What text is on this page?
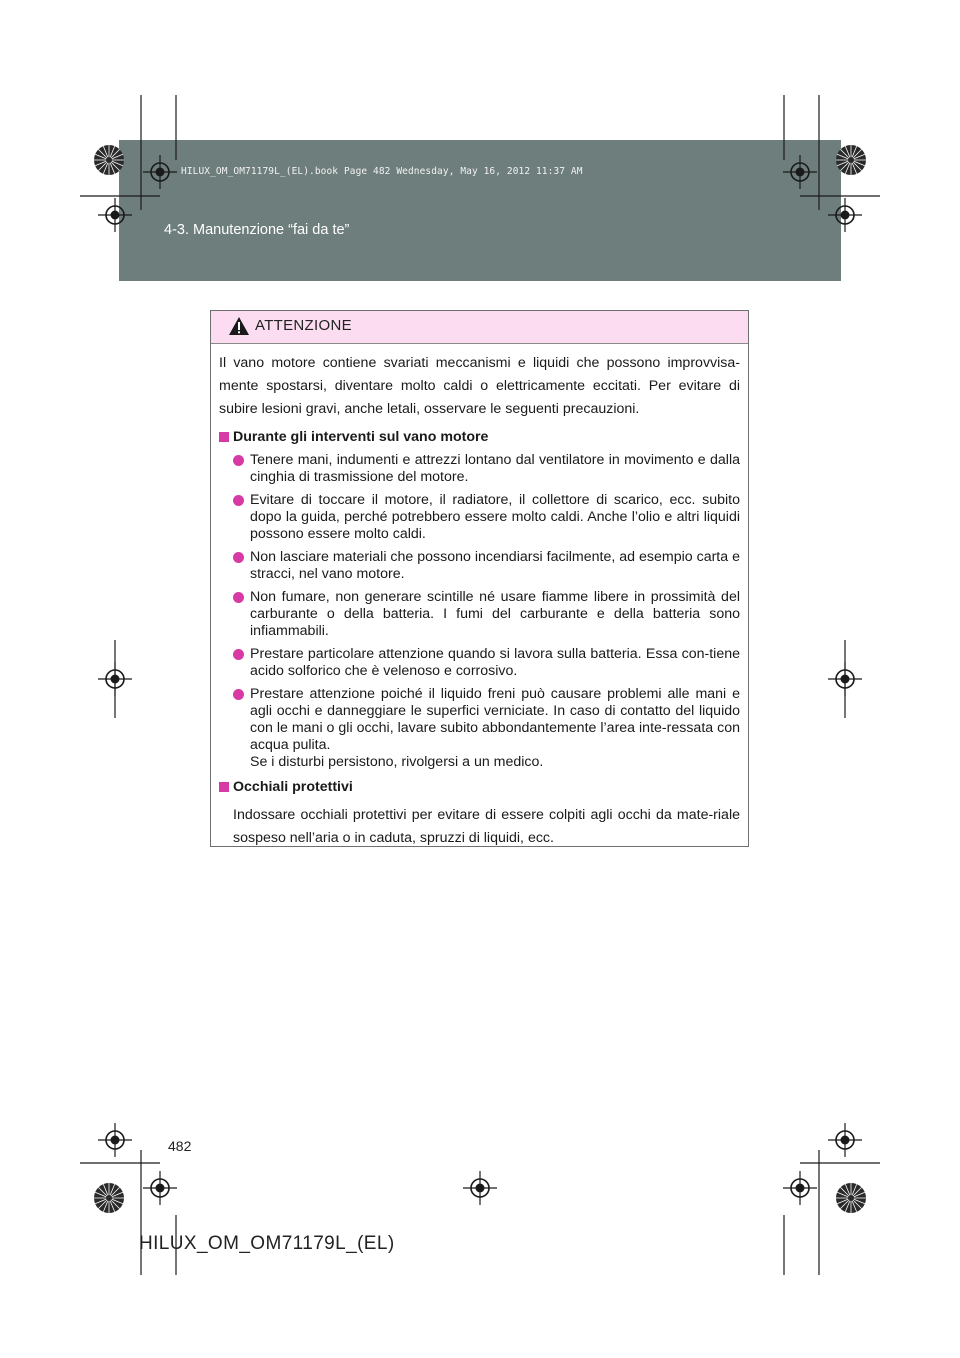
HILUX_OM_OM71179L_(EL).book Page 482 Wednesday, May 16, 2012 11:37 AM
4-3. Manutenzione “fai da te”
ATTENZIONE

Il vano motore contiene svariati meccanismi e liquidi che possono improvvisa-mente spostarsi, diventare molto caldi o elettricamente eccitati. Per evitare di subire lesioni gravi, anche letali, osservare le seguenti precauzioni.

Durante gli interventi sul vano motore

Tenere mani, indumenti e attrezzi lontano dal ventilatore in movimento e dalla cinghia di trasmissione del motore.

Evitare di toccare il motore, il radiatore, il collettore di scarico, ecc. subito dopo la guida, perché potrebbero essere molto caldi. Anche l’olio e altri liquidi possono essere molto caldi.

Non lasciare materiali che possono incendiarsi facilmente, ad esempio carta e stracci, nel vano motore.

Non fumare, non generare scintille né usare fiamme libere in prossimità del carburante o della batteria. I fumi del carburante e della batteria sono infiammabili.

Prestare particolare attenzione quando si lavora sulla batteria. Essa con-tiene acido solforico che è velenoso e corrosivo.

Prestare attenzione poiché il liquido freni può causare problemi alle mani e agli occhi e danneggiare le superfici verniciate. In caso di contatto del liquido con le mani o gli occhi, lavare subito abbondantemente l’area inte-ressata con acqua pulita.
Se i disturbi persistono, rivolgersi a un medico.

Occhiali protettivi

Indossare occhiali protettivi per evitare di essere colpiti agli occhi da mate-riale sospeso nell’aria o in caduta, spruzzi di liquidi, ecc.

482
HILUX_OM_OM71179L_(EL)
